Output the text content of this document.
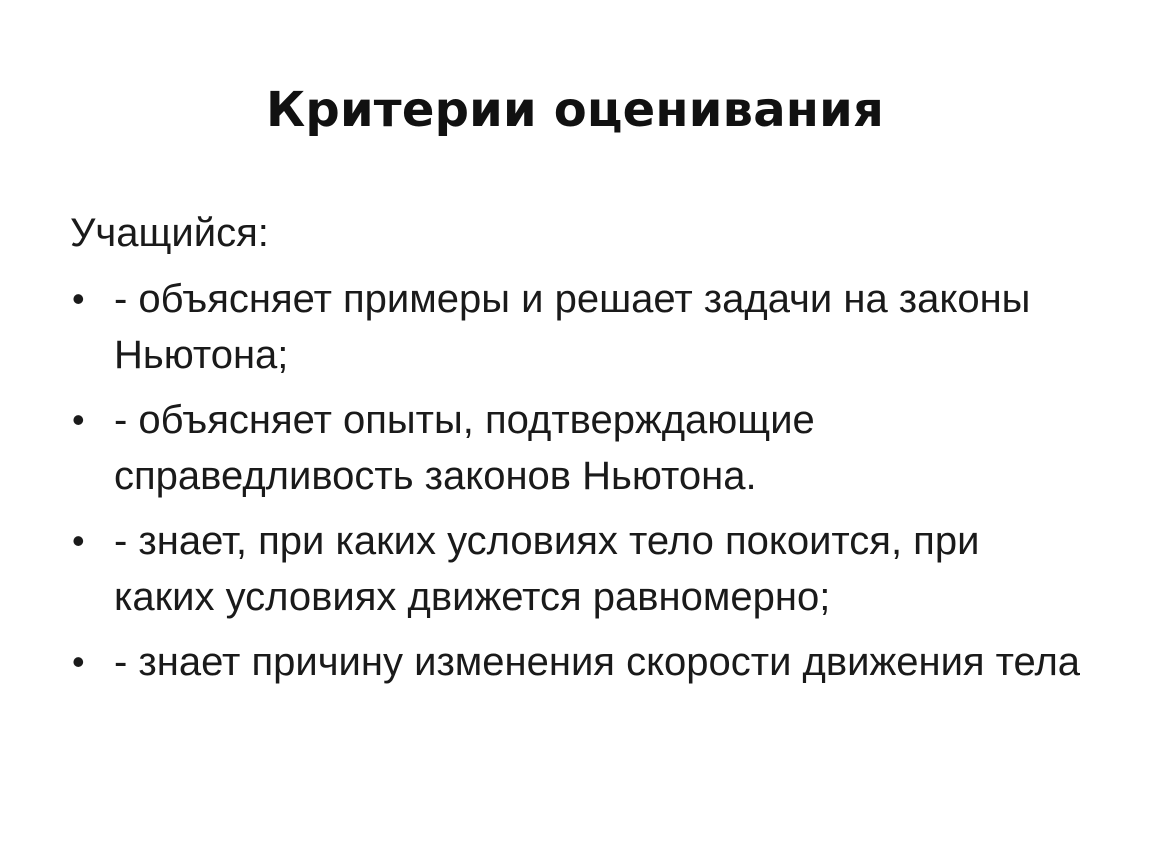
Критерии оценивания

Учащийся:

• - объясняет примеры и решает задачи на законы Ньютона;
• - объясняет опыты, подтверждающие справедливость законов Ньютона.
• - знает, при каких условиях тело покоится, при каких условиях движется равномерно;
• - знает причину изменения скорости движения тела
